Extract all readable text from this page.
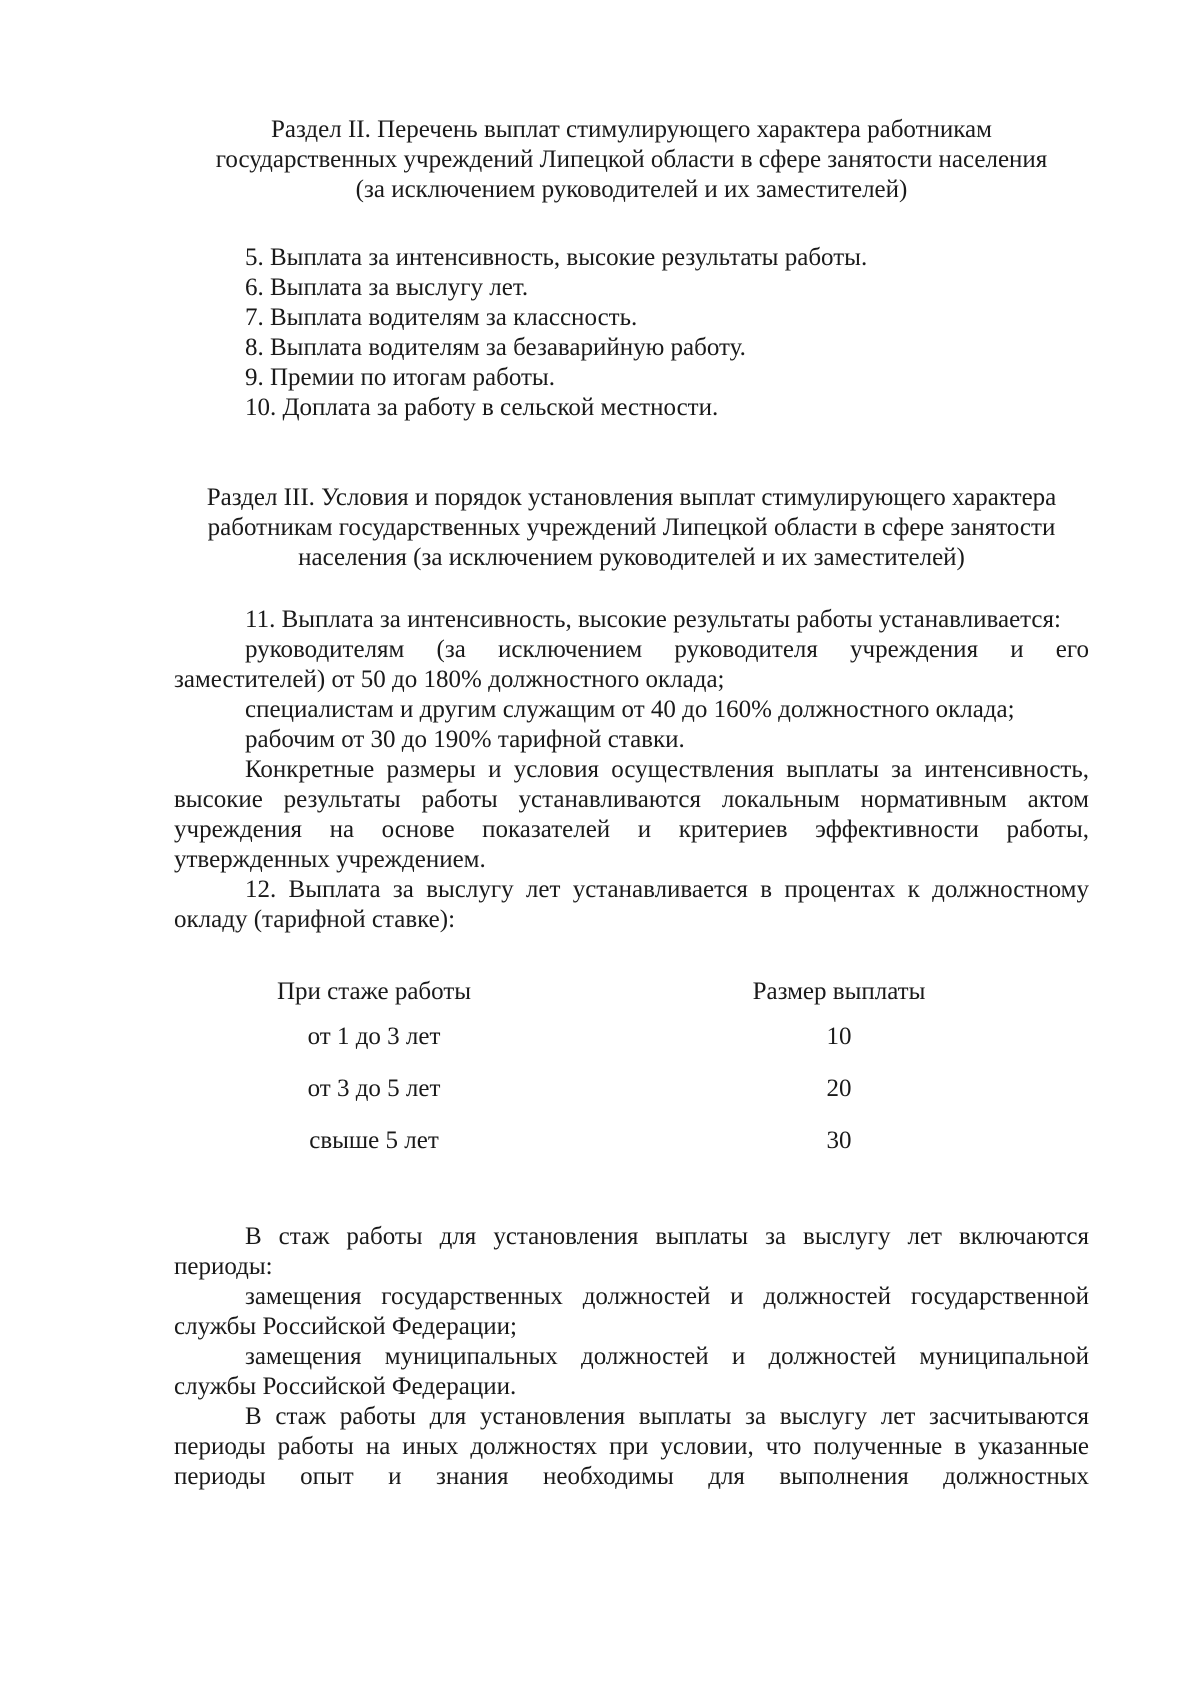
Раздел II. Перечень выплат стимулирующего характера работникам
государственных учреждений Липецкой области в сфере занятости населения
(за исключением руководителей и их заместителей)
5. Выплата за интенсивность, высокие результаты работы.
6. Выплата за выслугу лет.
7. Выплата водителям за классность.
8. Выплата водителям за безаварийную работу.
9. Премии по итогам работы.
10. Доплата за работу в сельской местности.
Раздел III. Условия и порядок установления выплат стимулирующего характера
работникам государственных учреждений Липецкой области в сфере занятости
населения (за исключением руководителей и их заместителей)

11. Выплата за интенсивность, высокие результаты работы устанавливается:

руководителям (за исключением руководителя учреждения и его заместителей) от 50 до 180% должностного оклада;

специалистам и другим служащим от 40 до 160% должностного оклада;

рабочим от 30 до 190% тарифной ставки.

Конкретные размеры и условия осуществления выплаты за интенсивность, высокие результаты работы устанавливаются локальным нормативным актом учреждения на основе показателей и критериев эффективности работы, утвержденных учреждением.

12. Выплата за выслугу лет устанавливается в процентах к должностному окладу (тарифной ставке):

При стаже работы	Размер выплаты
от 1 до 3 лет	10
от 3 до 5 лет	20
свыше 5 лет	30

В стаж работы для установления выплаты за выслугу лет включаются периоды:

замещения государственных должностей и должностей государственной службы Российской Федерации;

замещения муниципальных должностей и должностей муниципальной службы Российской Федерации.

В стаж работы для установления выплаты за выслугу лет засчитываются периоды работы на иных должностях при условии, что полученные в указанные периоды опыт и знания необходимы для выполнения должностных
